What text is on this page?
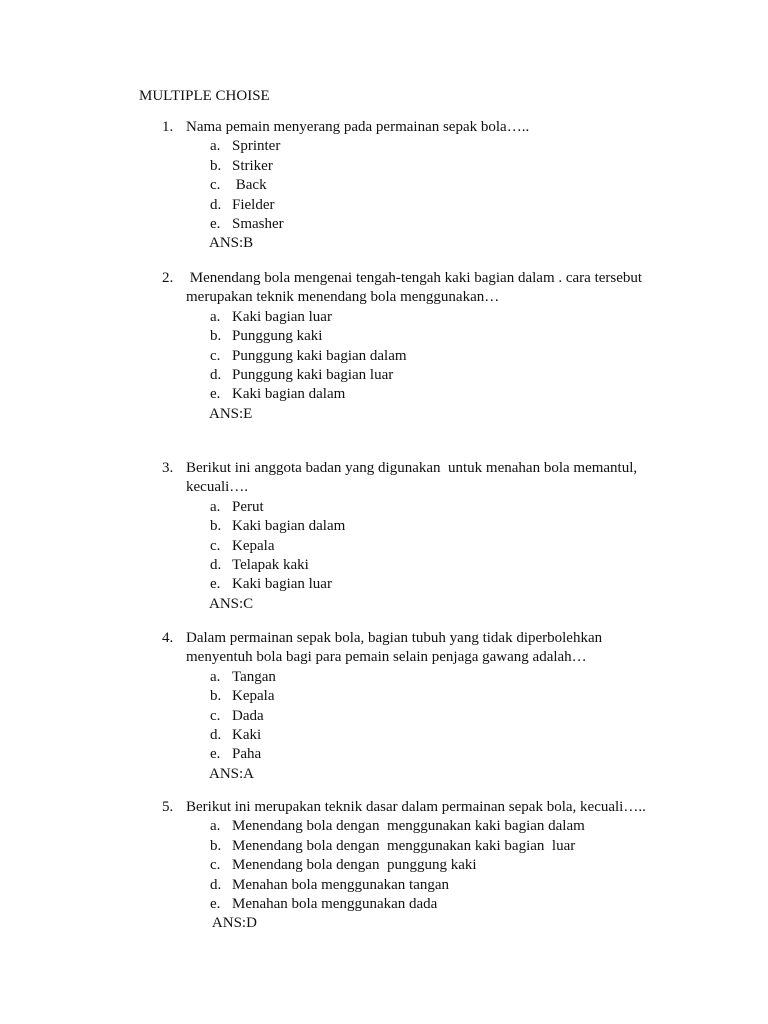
MULTIPLE CHOISE
1. Nama pemain menyerang pada permainan sepak bola…..
a. Sprinter
b. Striker
c. Back
d. Fielder
e. Smasher
ANS:B
2. Menendang bola mengenai tengah-tengah kaki bagian dalam . cara tersebut
merupakan teknik menendang bola menggunakan…
a. Kaki bagian luar
b. Punggung kaki
c. Punggung kaki bagian dalam
d. Punggung kaki bagian luar
e. Kaki bagian dalam
ANS:E
3. Berikut ini anggota badan yang digunakan  untuk menahan bola memantul,
kecuali….
a. Perut
b. Kaki bagian dalam
c. Kepala
d. Telapak kaki
e. Kaki bagian luar
ANS:C
4. Dalam permainan sepak bola, bagian tubuh yang tidak diperbolehkan
menyentuh bola bagi para pemain selain penjaga gawang adalah…
a. Tangan
b. Kepala
c. Dada
d. Kaki
e. Paha
ANS:A
5. Berikut ini merupakan teknik dasar dalam permainan sepak bola, kecuali…..
a. Menendang bola dengan  menggunakan kaki bagian dalam
b. Menendang bola dengan  menggunakan kaki bagian  luar
c. Menendang bola dengan  punggung kaki
d. Menahan bola menggunakan tangan
e. Menahan bola menggunakan dada
ANS:D
